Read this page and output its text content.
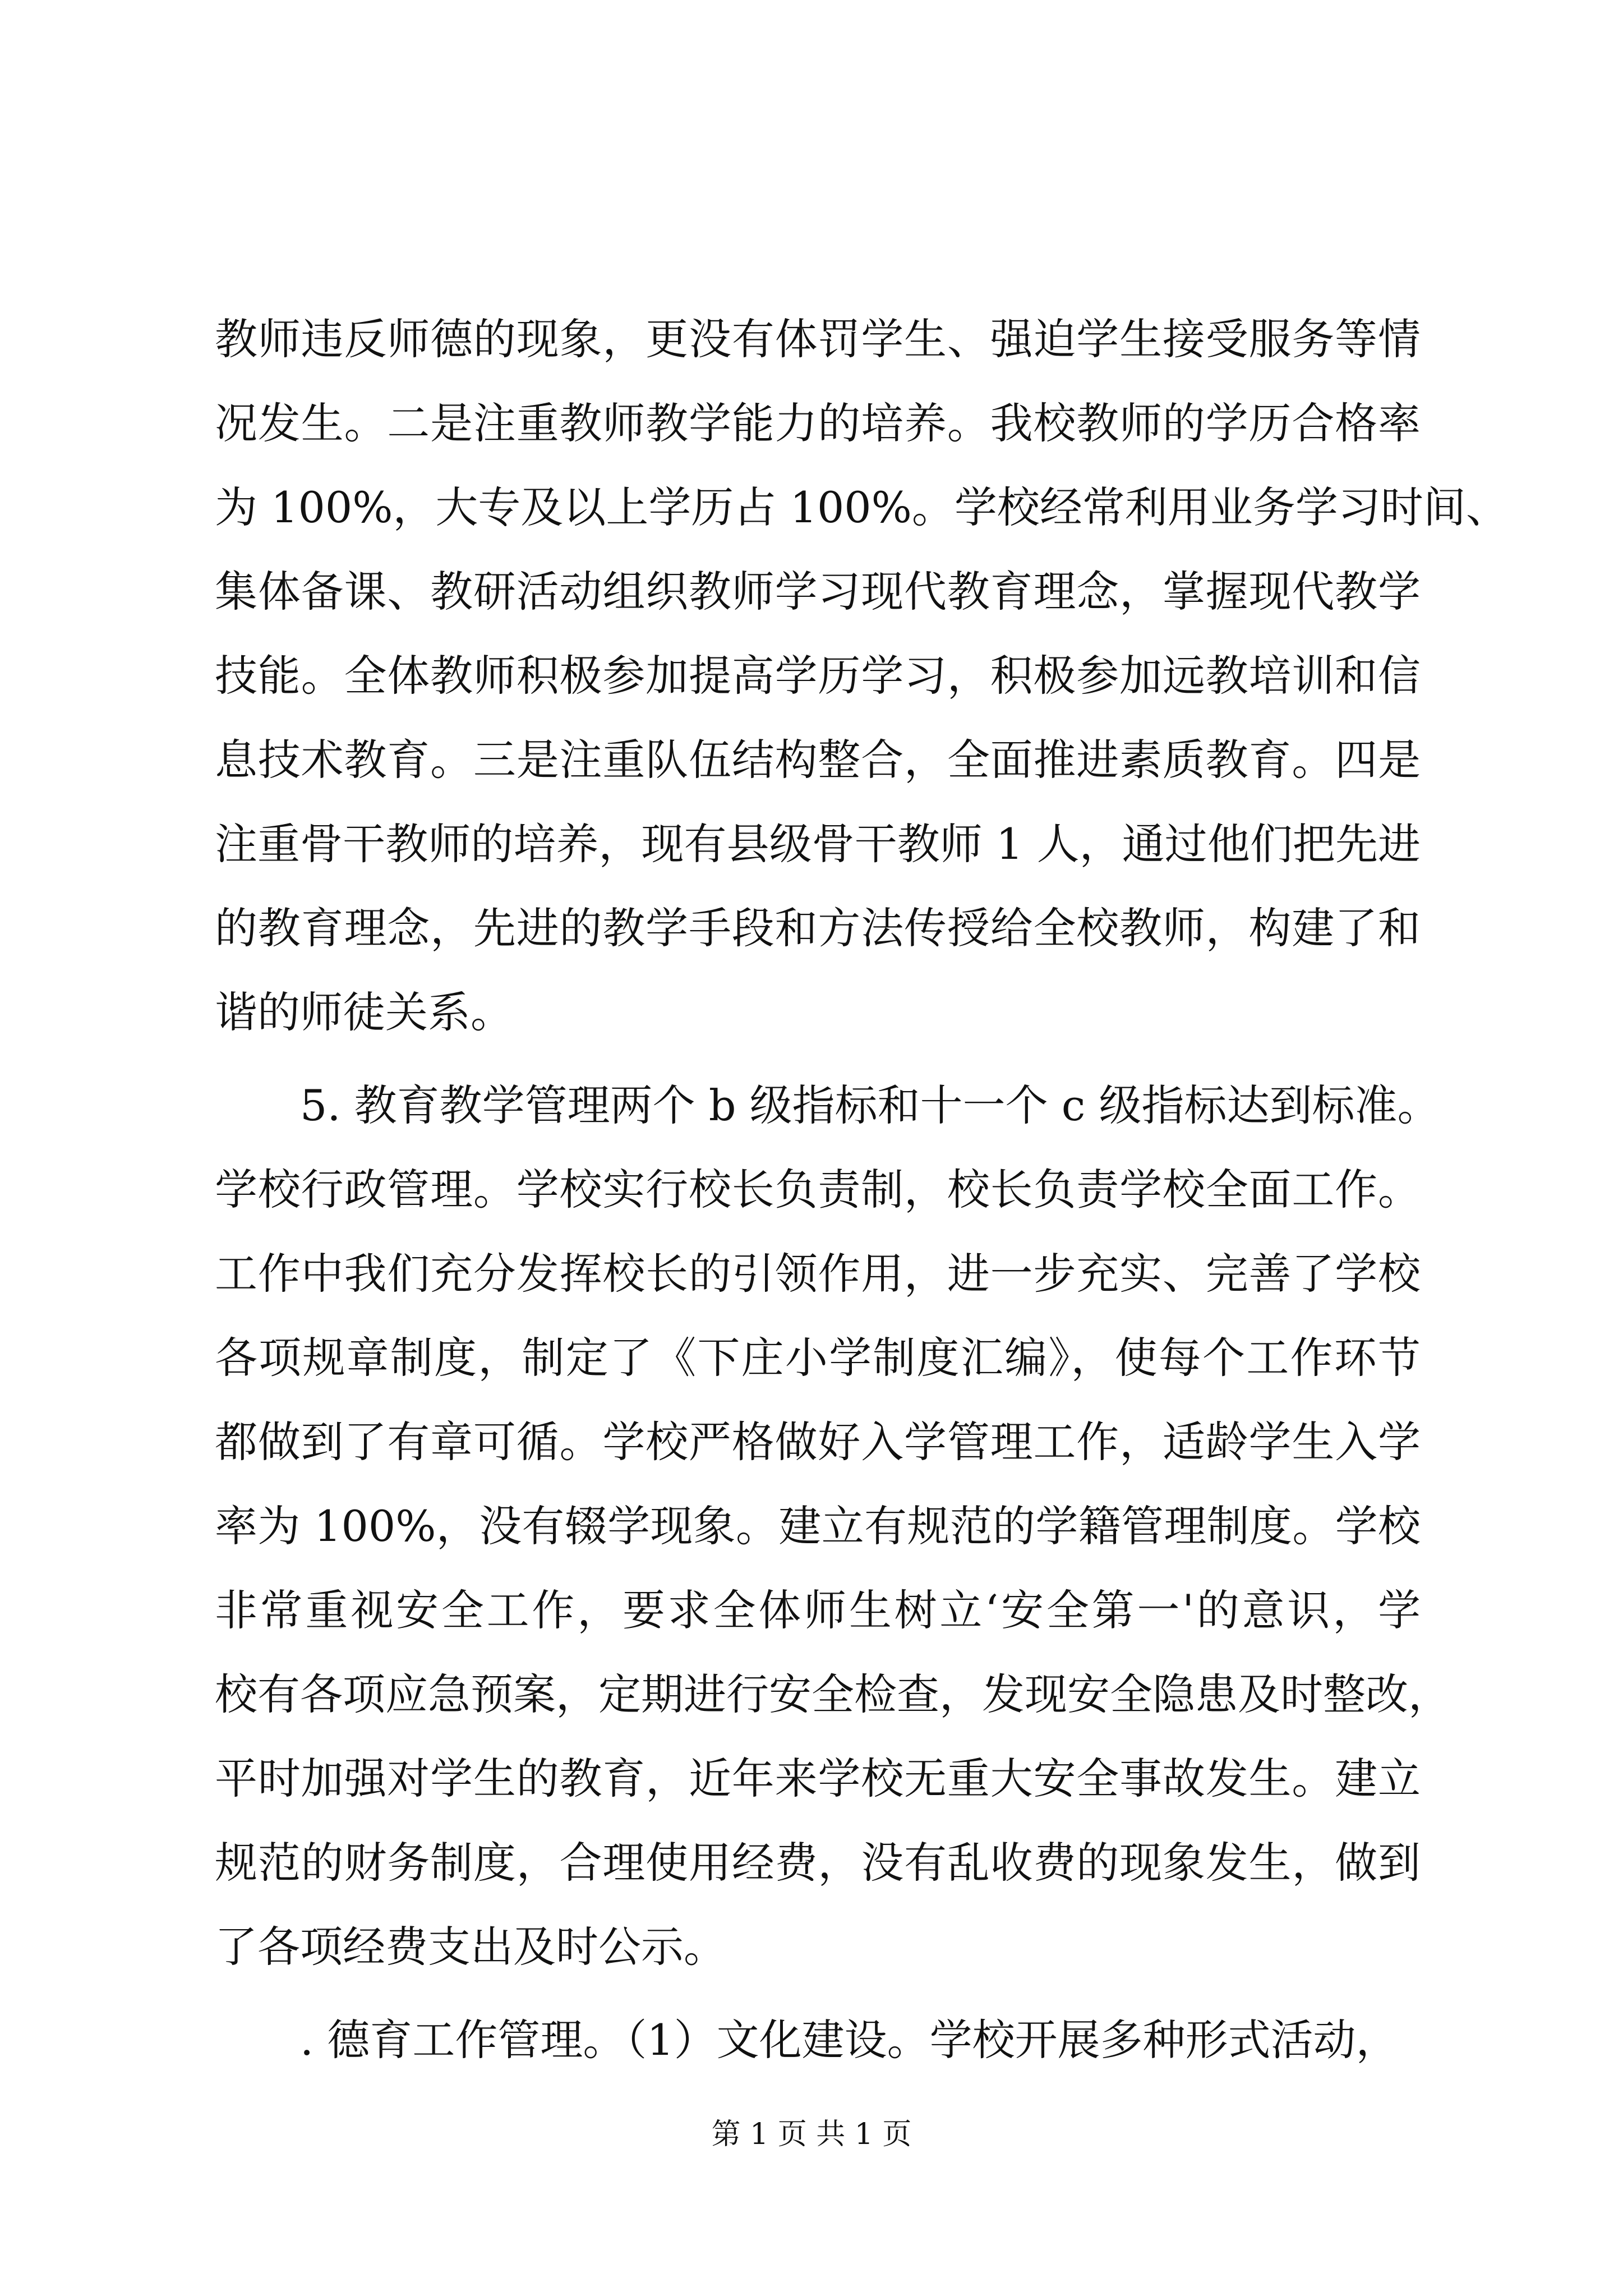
教师违反师德的现象，更没有体罚学生、强迫学生接受服务等情
况发生。二是注重教师教学能力的培养。我校教师的学历合格率
为 100%，大专及以上学历占 100%。学校经常利用业务学习时间、
集体备课、教研活动组织教师学习现代教育理念，掌握现代教学
技能。全体教师积极参加提高学历学习，积极参加远教培训和信
息技术教育。三是注重队伍结构整合，全面推进素质教育。四是
注重骨干教师的培养，现有县级骨干教师 1 人，通过他们把先进
的教育理念，先进的教学手段和方法传授给全校教师，构建了和
谐的师徒关系。
5. 教育教学管理两个 b 级指标和十一个 c 级指标达到标准。
学校行政管理。学校实行校长负责制，校长负责学校全面工作。
工作中我们充分发挥校长的引领作用，进一步充实、完善了学校
各项规章制度，制定了《下庄小学制度汇编》，使每个工作环节
都做到了有章可循。学校严格做好入学管理工作，适龄学生入学
率为 100%，没有辍学现象。建立有规范的学籍管理制度。学校
非常重视安全工作，要求全体师生树立‘安全第一'的意识，学
校有各项应急预案，定期进行安全检查，发现安全隐患及时整改，
平时加强对学生的教育，近年来学校无重大安全事故发生。建立
规范的财务制度，合理使用经费，没有乱收费的现象发生，做到
了各项经费支出及时公示。
. 德育工作管理。（1）文化建设。学校开展多种形式活动，
第 1 页 共 1 页
